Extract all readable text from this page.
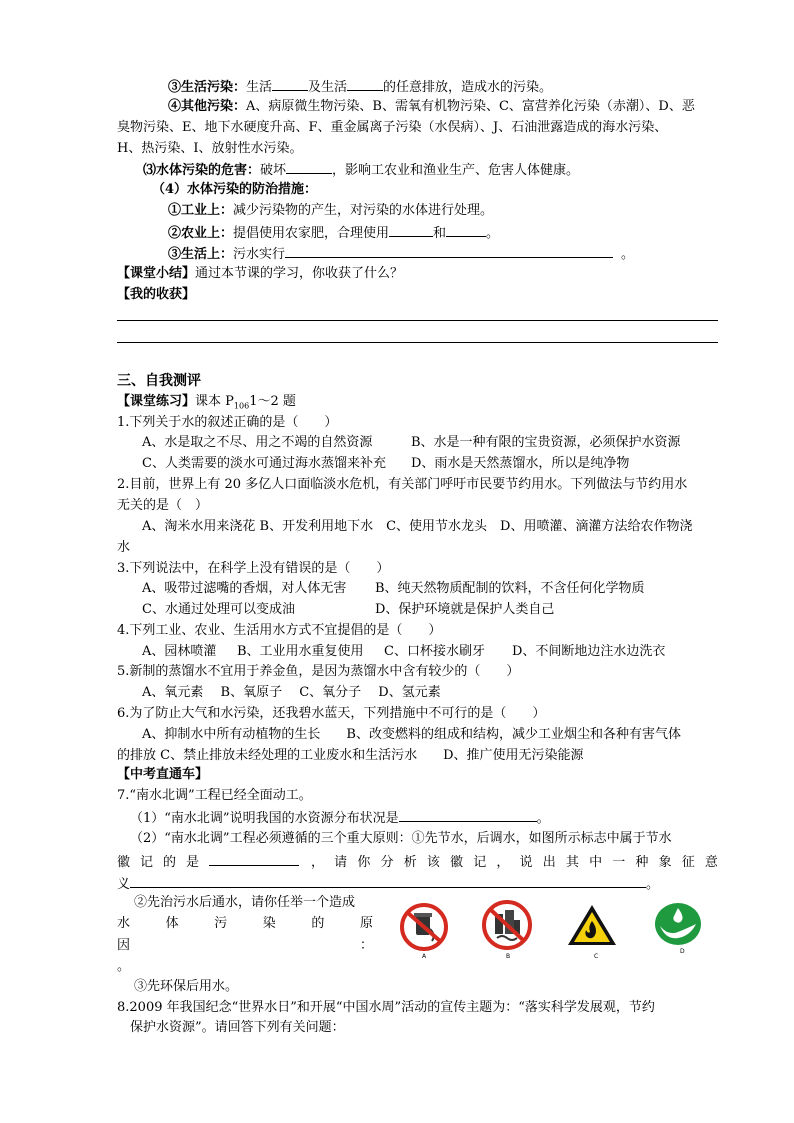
③生活污染：生活	及生活	的任意排放，造成水的污染。
④其他污染：A、病原微生物污染、B、需氧有机物污染、C、富营养化污染（赤潮）、D、恶
臭物污染、E、地下水硬度升高、F、重金属离子污染（水俣病）、J、石油泄露造成的海水污染、
H、热污染、I、放射性水污染。
⑶水体污染的危害：破坏	，影响工农业和渔业生产、危害人体健康。
（4）水体污染的防治措施：
①工业上：减少污染物的产生，对污染的水体进行处理。
②农业上：提倡使用农家肥，合理使用	和	。
③生活上：污水实行	。
【课堂小结】通过本节课的学习，你收获了什么？
【我的收获】
三、自我测评
【课堂练习】课本 $P_{106}1\sim 2$ 题
1.下列关于水的叙述正确的是（　　）
A、水是取之不尽、用之不竭的自然资源	B、水是一种有限的宝贵资源，必须保护水资源
C、人类需要的淡水可通过海水蒸馏来补充 D、雨水是天然蒸馏水，所以是纯净物
2.目前，世界上有 20 多亿人口面临淡水危机，有关部门呼吁市民要节约用水。下列做法与节约用水
无关的是（　）
A、淘米水用来浇花 B、开发利用地下水　C、使用节水龙头　D、用喷灌、滴灌方法给农作物浇
水
3.下列说法中，在科学上没有错误的是（　　）
A、吸带过滤嘴的香烟，对人体无害 B、纯天然物质配制的饮料，不含任何化学物质
C、水通过处理可以变成油	D、保护环境就是保护人类自己
4.下列工业、农业、生活用水方式不宜提倡的是（　　）
A、园林喷灌 B、工业用水重复使用 C、口杯接水刷牙 D、不间断地边注水边洗衣
5.新制的蒸馏水不宜用于养金鱼，是因为蒸馏水中含有较少的（　　）
A、氧元素　 B、氧原子　 C、氧分子　 D、氢元素
6.为了防止大气和水污染，还我碧水蓝天，下列措施中不可行的是（　　）
A、抑制水中所有动植物的生长　　B、改变燃料的组成和结构，减少工业烟尘和各种有害气体
的排放 C、禁止排放未经处理的工业废水和生活污水　　D、推广使用无污染能源
【中考直通车】
7.“南水北调”工程已经全面动工。
（1）“南水北调”说明我国的水资源分布状况是	。
（2）“南水北调”工程必须遵循的三个重大原则：①先节水，后调水，如图所示标志中属于节水
徽 记 的 是	， 请 你 分 析 该 徽 记 ， 说 出 其 中 一 种 象 征 意
义	。
②先治污水后通水，请你任举一个造成
水	体	污	染	的	原
因	：
。
③先环保后用水。
A	B	C
D
8.2009 年我国纪念“世界水日”和开展“中国水周”活动的宣传主题为：“落实科学发展观，节约
保护水资源”。请回答下列有关问题：
